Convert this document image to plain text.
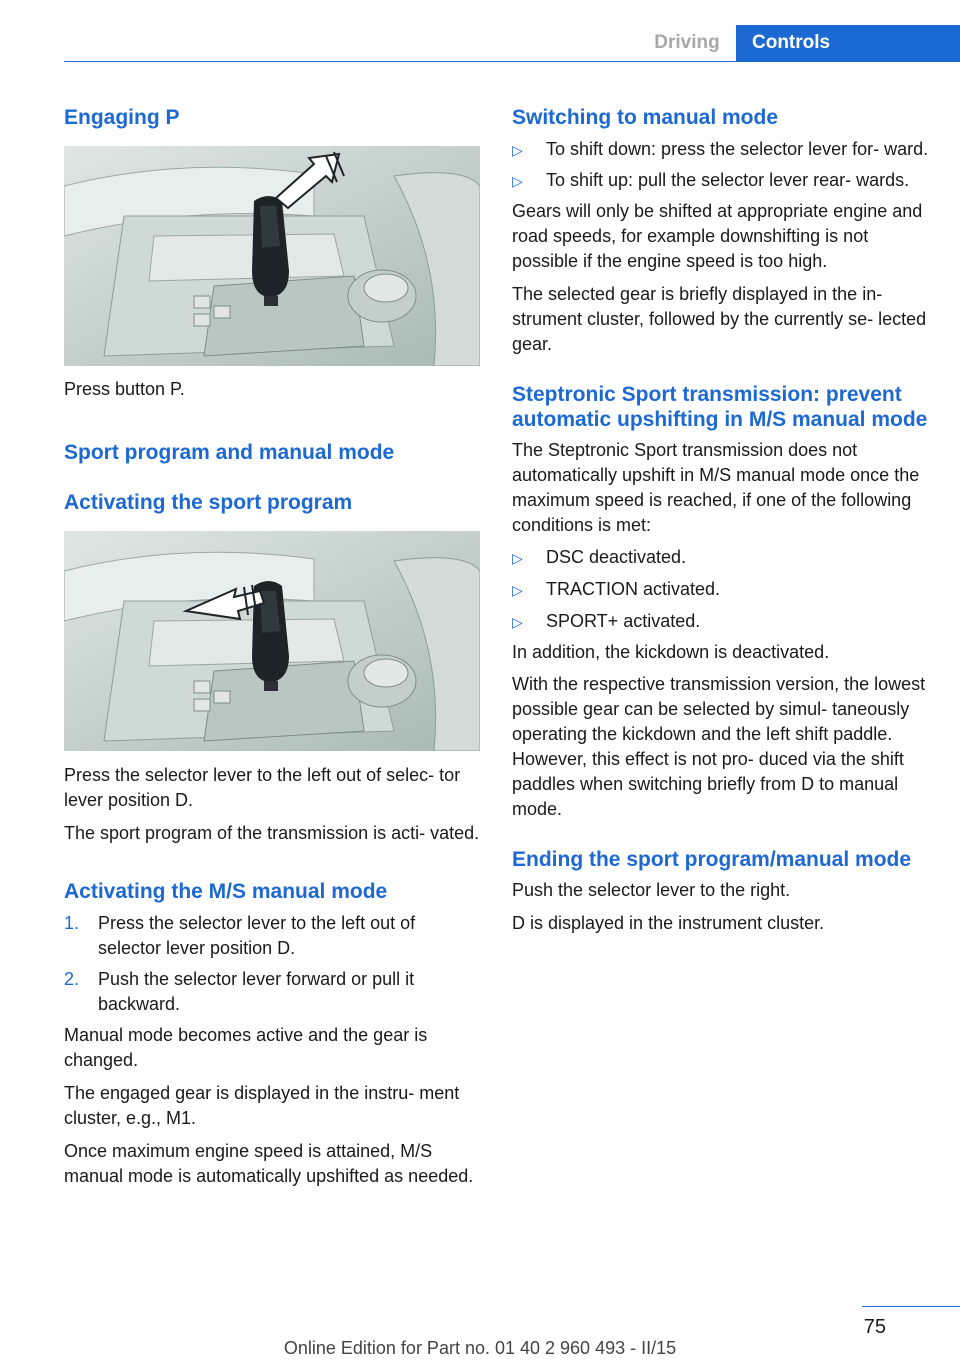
Driving	Controls
Engaging P

Press button P.

Sport program and manual mode
Activating the sport program

Press the selector lever to the left out of selec‐ tor lever position D.

The sport program of the transmission is acti‐ vated.

Activating the M/S manual mode
1. Press the selector lever to the left out of selector lever position D.
2. Push the selector lever forward or pull it backward.

Manual mode becomes active and the gear is changed.

The engaged gear is displayed in the instru‐ ment cluster, e.g., M1.

Once maximum engine speed is attained, M/S manual mode is automatically upshifted as needed.

Switching to manual mode
▷ To shift down: press the selector lever for‐ ward.
▷ To shift up: pull the selector lever rear‐ wards.

Gears will only be shifted at appropriate engine and road speeds, for example downshifting is not possible if the engine speed is too high.

The selected gear is briefly displayed in the in‐ strument cluster, followed by the currently se‐ lected gear.

Steptronic Sport transmission: prevent automatic upshifting in M/S manual mode

The Steptronic Sport transmission does not automatically upshift in M/S manual mode once the maximum speed is reached, if one of the following conditions is met:

▷ DSC deactivated.
▷ TRACTION activated.
▷ SPORT+ activated.

In addition, the kickdown is deactivated.

With the respective transmission version, the lowest possible gear can be selected by simul‐ taneously operating the kickdown and the left shift paddle. However, this effect is not pro‐ duced via the shift paddles when switching briefly from D to manual mode.

Ending the sport program/manual mode

Push the selector lever to the right.

D is displayed in the instrument cluster.

75
Online Edition for Part no. 01 40 2 960 493 - II/15
